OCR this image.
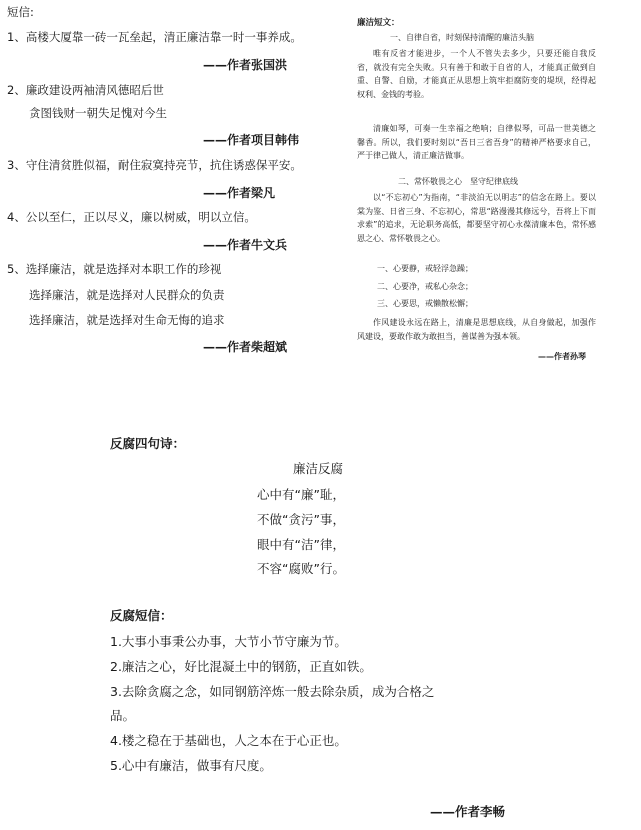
短信:
1、高楼大厦靠一砖一瓦垒起，清正廉洁靠一时一事养成。
——作者张国洪
2、廉政建设两袖清风德昭后世
贪图钱财一朝失足愧对今生
——作者项目韩伟
3、守住清贫胜似福，耐住寂寞持亮节，抗住诱惑保平安。
——作者梁凡
4、公以至仁，正以尽义，廉以树威，明以立信。
——作者牛文兵
5、选择廉洁，就是选择对本职工作的珍视
选择廉洁，就是选择对人民群众的负责
选择廉洁，就是选择对生命无悔的追求
——作者柴超斌
廉洁短文：
一、自律自省，时刻保持清醒的廉洁头脑
唯有反省才能进步，一个人不管失去多少，只要还能自我反省，就没有完全失败。只有善于和敢于自省的人，才能真正做到自重、自警、自励，才能真正从思想上筑牢拒腐防变的堤坝，经得起权利、金钱的考验。
清廉如琴，可奏一生幸福之绝响；自律似琴，可品一世美德之馨香。所以，我们要时刻以“吾日三省吾身”的精神严格要求自己，严于律己做人，清正廉洁做事。
二、常怀敬畏之心　坚守纪律底线
以“不忘初心”为指南，“非淡泊无以明志”的信念在路上。要以棠为鉴、日省三身、不忘初心，常思“路漫漫其修远兮，吾将上下而求索”的追求，无论职务高低，都要坚守初心永葆清廉本色，常怀感恩之心、常怀敬畏之心。
一、心要静，戒轻浮急躁；
二、心要净，戒私心杂念；
三、心要思，戒懒散松懈；
作风建设永远在路上，清廉是思想底线，从自身做起，加强作风建设，要敢作敢为敢担当，善谋善为强本领。
——作者孙琴
反腐四句诗：
廉洁反腐
心中有“廉”耻，
不做“贪污”事，
眼中有“洁”律，
不容“腐败”行。
反腐短信：
1.大事小事秉公办事，大节小节守廉为节。
2.廉洁之心，好比混凝土中的钢筋，正直如铁。
3.去除贪腐之念，如同钢筋淬炼一般去除杂质，成为合格之
品。
4.楼之稳在于基础也，人之本在于心正也。
5.心中有廉洁，做事有尺度。
——作者李畅
